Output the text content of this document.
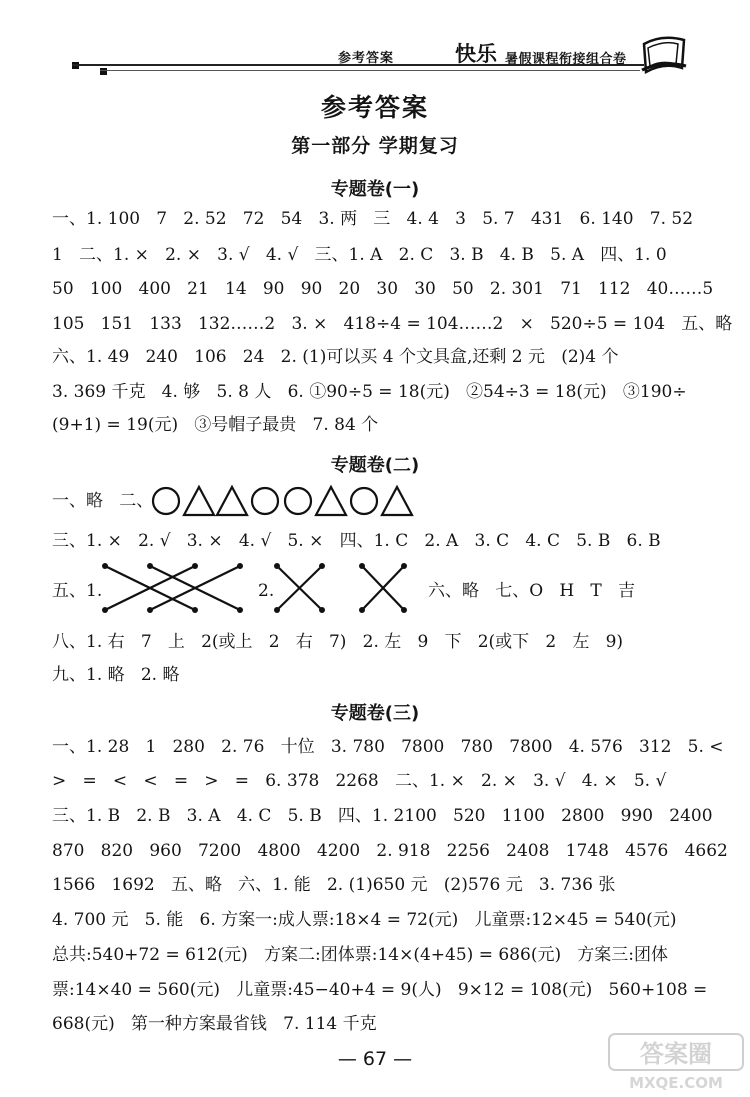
参考答案	快乐 暑假课程衔接组合卷
参考答案
第一部分 学期复习
专题卷(一)
一、1. 100   7   2. 52   72   54   3. 两   三   4. 4   3   5. 7   431   6. 140   7. 52
1   二、1. ×   2. ×   3. √   4. √   三、1. A   2. C   3. B   4. B   5. A   四、1. 0
50   100   400   21   14   90   90   20   30   30   50   2. 301   71   112   40……5
105   151   133   132……2   3. ×   418÷4 = 104……2   ×   520÷5 = 104   五、略
六、1. 49   240   106   24   2. (1)可以买 4 个文具盒,还剩 2 元   (2)4 个
3. 369 千克   4. 够   5. 8 人   6. ①90÷5 = 18(元)   ②54÷3 = 18(元)   ③190÷
(9+1) = 19(元)   ③号帽子最贵   7. 84 个
专题卷(二)
一、略   二、
三、1. ×   2. √   3. ×   4. √   5. ×   四、1. C   2. A   3. C   4. C   5. B   6. B
五、1.	2.	六、略   七、O   H   T   吉
八、1. 右   7   上   2(或上   2   右   7)   2. 左   9   下   2(或下   2   左   9)
九、1. 略   2. 略
专题卷(三)
一、1. 28   1   280   2. 76   十位   3. 780   7800   780   7800   4. 576   312   5. <
>   =   <   <   =   >   =   6. 378   2268   二、1. ×   2. ×   3. √   4. ×   5. √
三、1. B   2. B   3. A   4. C   5. B   四、1. 2100   520   1100   2800   990   2400
870   820   960   7200   4800   4200   2. 918   2256   2408   1748   4576   4662
1566   1692   五、略   六、1. 能   2. (1)650 元   (2)576 元   3. 736 张
4. 700 元   5. 能   6. 方案一:成人票:18×4 = 72(元)   儿童票:12×45 = 540(元)
总共:540+72 = 612(元)   方案二:团体票:14×(4+45) = 686(元)   方案三:团体
票:14×40 = 560(元)   儿童票:45−40+4 = 9(人)   9×12 = 108(元)   560+108 =
668(元)   第一种方案最省钱   7. 114 千克
— 67 —	答案圈
MXQE.COM
